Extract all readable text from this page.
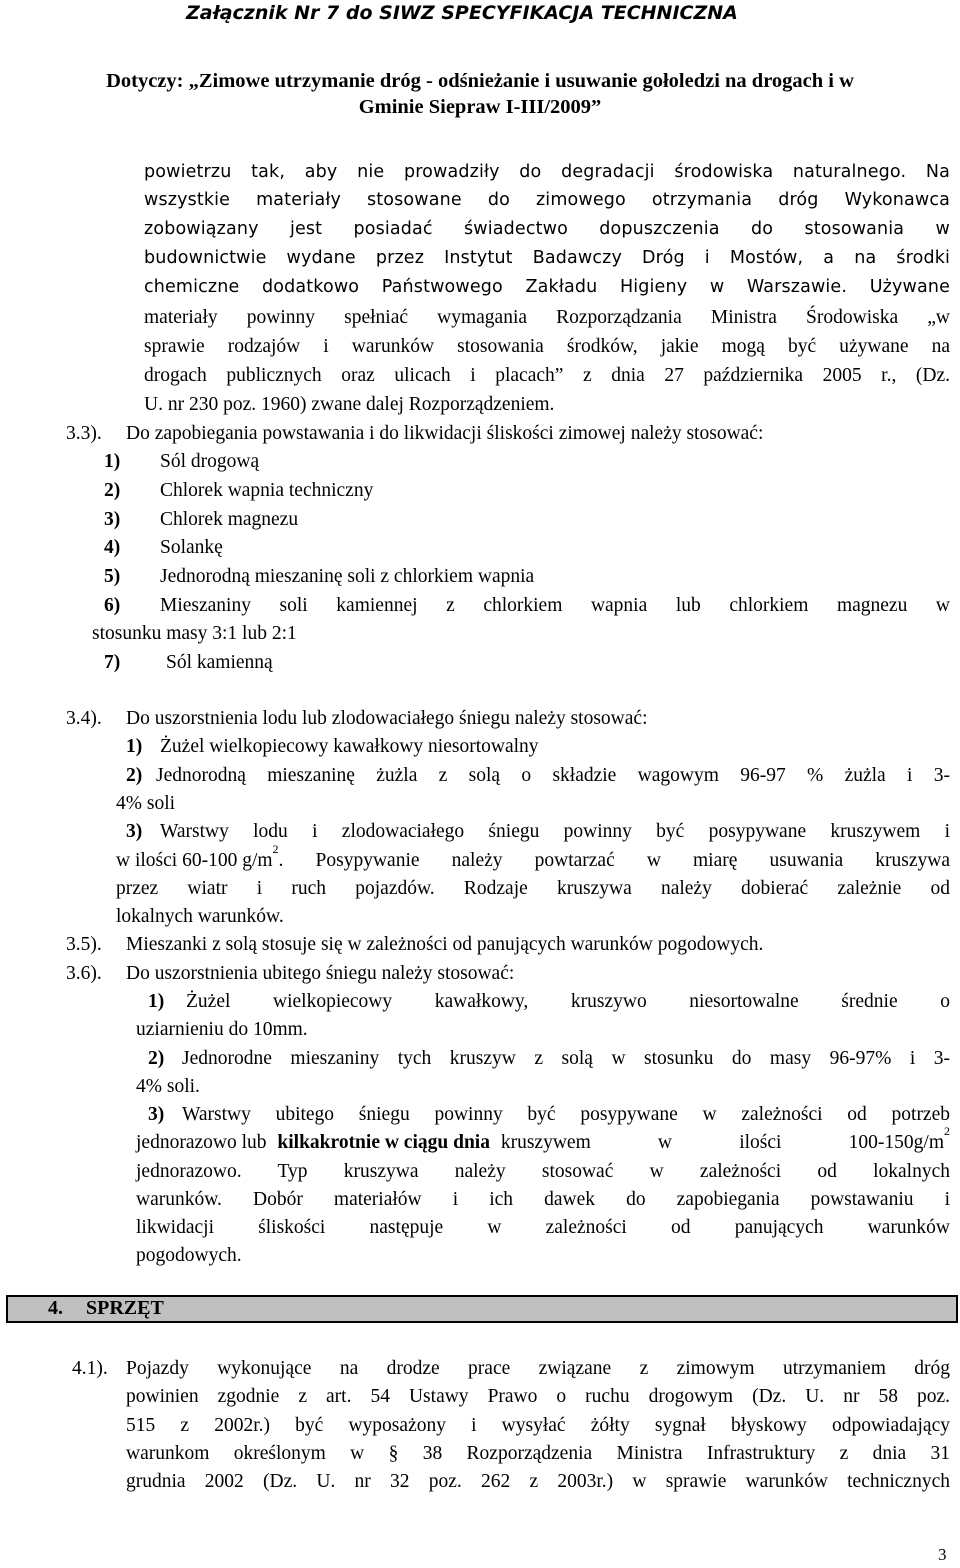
Załącznik Nr 7 do SIWZ SPECYFIKACJA TECHNICZNA
Dotyczy: „Zimowe utrzymanie dróg - odśnieżanie i usuwanie gołoledzi na drogach i w
Gminie Siepraw I-III/2009”
powietrzu tak, aby nie prowadziły do degradacji środowiska naturalnego. Na
wszystkie materiały stosowane do zimowego otrzymania dróg Wykonawca
zobowiązany jest posiadać świadectwo dopuszczenia do stosowania w
budownictwie wydane przez Instytut Badawczy Dróg i Mostów, a na środki
chemiczne dodatkowo Państwowego Zakładu Higieny w Warszawie. Używane
materiały powinny spełniać wymagania Rozporządzania Ministra Środowiska „w
sprawie rodzajów i warunków stosowania środków, jakie mogą być używane na
drogach publicznych oraz ulicach i placach” z dnia 27 października 2005 r., (Dz.
U. nr 230 poz. 1960) zwane dalej Rozporządzeniem.
3.3). Do zapobiegania powstawania i do likwidacji śliskości zimowej należy stosować:
1) Sól drogową
2) Chlorek wapnia techniczny
3) Chlorek magnezu
4) Solankę
5) Jednorodną mieszaninę soli z chlorkiem wapnia
6) Mieszaniny soli kamiennej z chlorkiem wapnia lub chlorkiem magnezu w
stosunku masy 3:1 lub 2:1
7) Sól kamienną
3.4). Do uszorstnienia lodu lub zlodowaciałego śniegu należy stosować:
1) Żużel wielkopiecowy kawałkowy niesortowalny
2) Jednorodną mieszaninę żużla z solą o składzie wagowym 96-97 % żużla i 3-
4% soli
3) Warstwy lodu i zlodowaciałego śniegu powinny być posypywane kruszywem i
w ilości 60-100 g/m
2
. Posypywanie należy powtarzać w miarę usuwania kruszywa
przez wiatr i ruch pojazdów. Rodzaje kruszywa należy dobierać zależnie od
lokalnych warunków.
3.5). Mieszanki z solą stosuje się w zależności od panujących warunków pogodowych.
3.6). Do uszorstnienia ubitego śniegu należy stosować:
1) Żużel wielkopiecowy kawałkowy, kruszywo niesortowalne średnie o
uziarnieniu do 10mm.
2) Jednorodne mieszaniny tych kruszyw z solą w stosunku do masy 96-97% i 3-
4% soli.
3) Warstwy ubitego śniegu powinny być posypywane w zależności od potrzeb
jednorazowo lub
kilkakrotnie w ciągu dnia
kruszywem w ilości 100-150g/m
2
jednorazowo. Typ kruszywa należy stosować w zależności od lokalnych
warunków. Dobór materiałów i ich dawek do zapobiegania powstawaniu i
likwidacji śliskości następuje w zależności od panujących warunków
pogodowych.
4. SPRZĘT
4.1). Pojazdy wykonujące na drodze prace związane z zimowym utrzymaniem dróg
powinien zgodnie z art. 54 Ustawy Prawo o ruchu drogowym (Dz. U. nr 58 poz.
515 z 2002r.) być wyposażony i wysyłać żółty sygnał błyskowy odpowiadający
warunkom określonym w § 38 Rozporządzenia Ministra Infrastruktury z dnia 31
grudnia 2002 (Dz. U. nr 32 poz. 262 z 2003r.) w sprawie warunków technicznych
3
